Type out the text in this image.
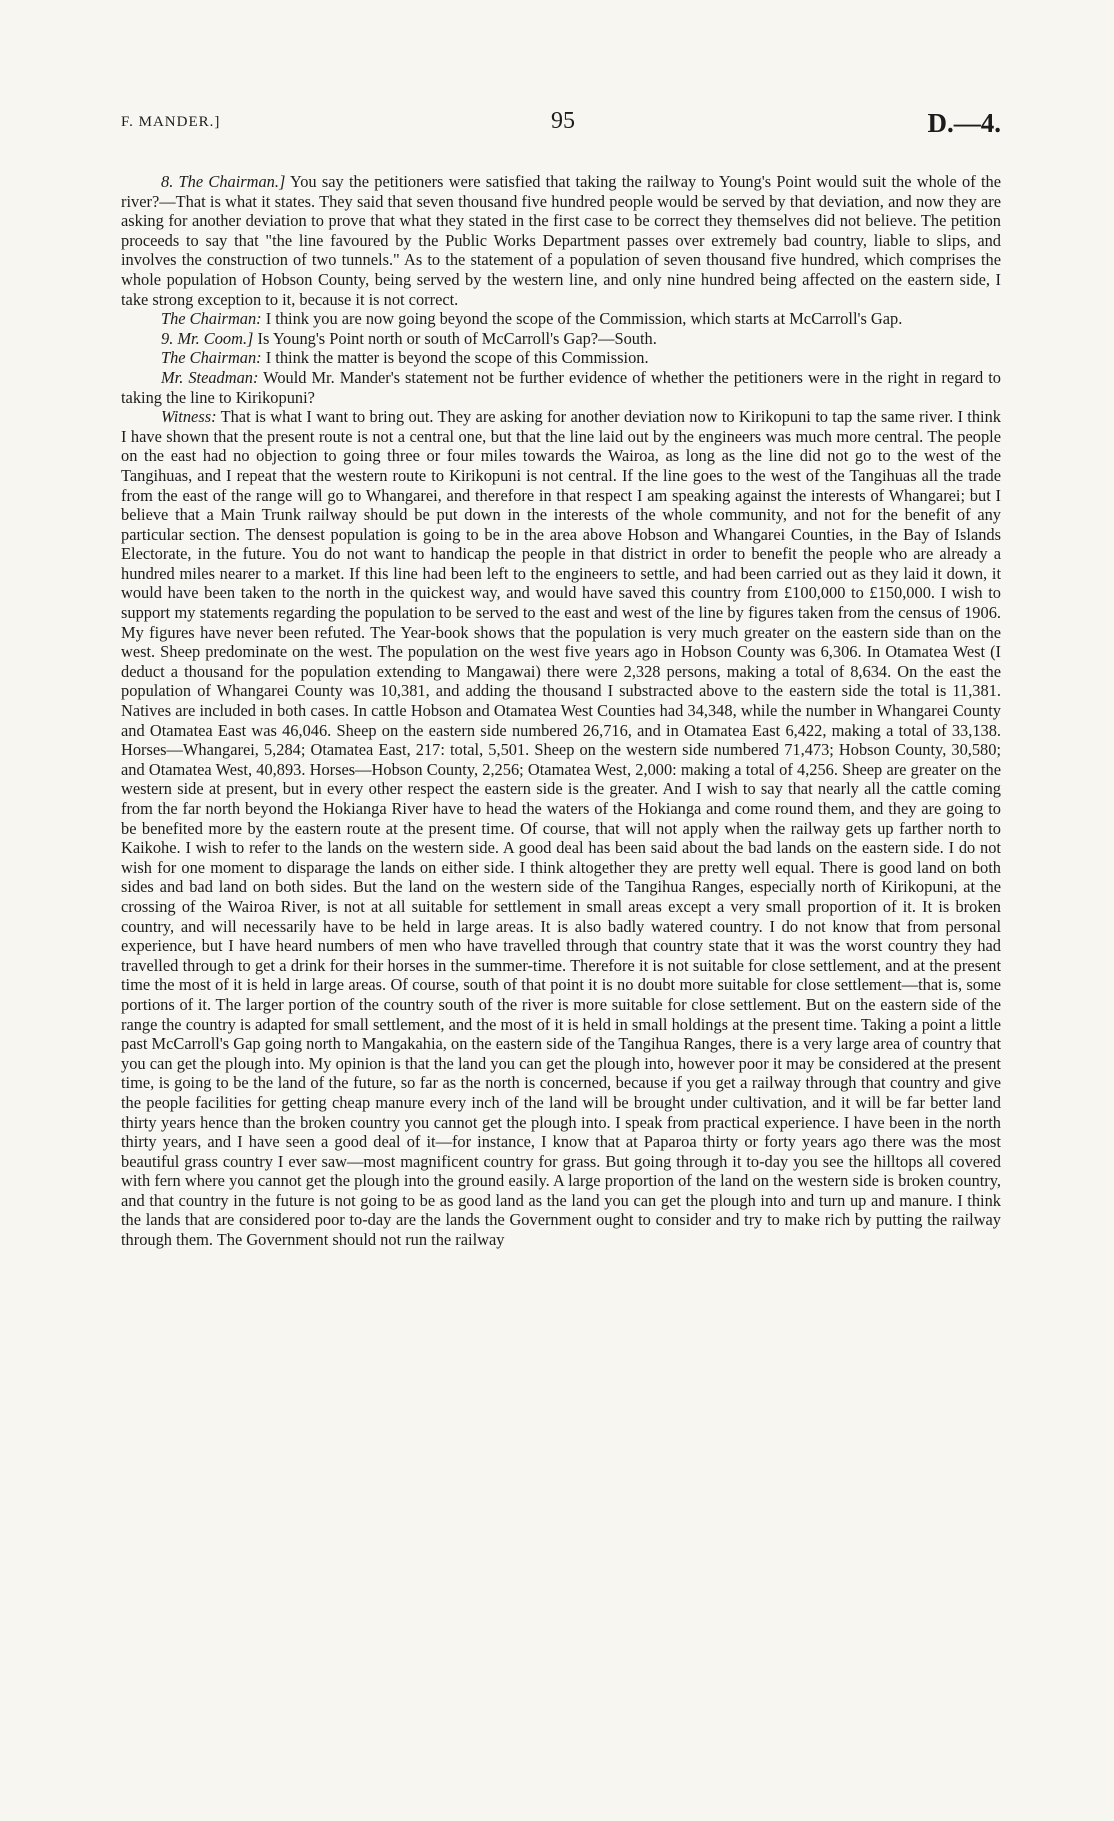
F. MANDER.]	95	D.—4.

8. The Chairman.] You say the petitioners were satisfied that taking the railway to Young's Point would suit the whole of the river?—That is what it states. They said that seven thousand five hundred people would be served by that deviation, and now they are asking for another deviation to prove that what they stated in the first case to be correct they themselves did not believe. The petition proceeds to say that "the line favoured by the Public Works Department passes over extremely bad country, liable to slips, and involves the construction of two tunnels." As to the statement of a population of seven thousand five hundred, which comprises the whole population of Hobson County, being served by the western line, and only nine hundred being affected on the eastern side, I take strong exception to it, because it is not correct.

The Chairman: I think you are now going beyond the scope of the Commission, which starts at McCarroll's Gap.

9. Mr. Coom.] Is Young's Point north or south of McCarroll's Gap?—South.

The Chairman: I think the matter is beyond the scope of this Commission.

Mr. Steadman: Would Mr. Mander's statement not be further evidence of whether the petitioners were in the right in regard to taking the line to Kirikopuni?

Witness: That is what I want to bring out. They are asking for another deviation now to Kirikopuni to tap the same river. I think I have shown that the present route is not a central one, but that the line laid out by the engineers was much more central. The people on the east had no objection to going three or four miles towards the Wairoa, as long as the line did not go to the west of the Tangihuas, and I repeat that the western route to Kirikopuni is not central. If the line goes to the west of the Tangihuas all the trade from the east of the range will go to Whangarei, and therefore in that respect I am speaking against the interests of Whangarei; but I believe that a Main Trunk railway should be put down in the interests of the whole community, and not for the benefit of any particular section. The densest population is going to be in the area above Hobson and Whangarei Counties, in the Bay of Islands Electorate, in the future. You do not want to handicap the people in that district in order to benefit the people who are already a hundred miles nearer to a market. If this line had been left to the engineers to settle, and had been carried out as they laid it down, it would have been taken to the north in the quickest way, and would have saved this country from £100,000 to £150,000. I wish to support my statements regarding the population to be served to the east and west of the line by figures taken from the census of 1906. My figures have never been refuted. The Year-book shows that the population is very much greater on the eastern side than on the west. Sheep predominate on the west. The population on the west five years ago in Hobson County was 6,306. In Otamatea West (I deduct a thousand for the population extending to Mangawai) there were 2,328 persons, making a total of 8,634. On the east the population of Whangarei County was 10,381, and adding the thousand I substracted above to the eastern side the total is 11,381. Natives are included in both cases. In cattle Hobson and Otamatea West Counties had 34,348, while the number in Whangarei County and Otamatea East was 46,046. Sheep on the eastern side numbered 26,716, and in Otamatea East 6,422, making a total of 33,138. Horses—Whangarei, 5,284; Otamatea East, 217: total, 5,501. Sheep on the western side numbered 71,473; Hobson County, 30,580; and Otamatea West, 40,893. Horses—Hobson County, 2,256; Otamatea West, 2,000: making a total of 4,256. Sheep are greater on the western side at present, but in every other respect the eastern side is the greater. And I wish to say that nearly all the cattle coming from the far north beyond the Hokianga River have to head the waters of the Hokianga and come round them, and they are going to be benefited more by the eastern route at the present time. Of course, that will not apply when the railway gets up farther north to Kaikohe. I wish to refer to the lands on the western side. A good deal has been said about the bad lands on the eastern side. I do not wish for one moment to disparage the lands on either side. I think altogether they are pretty well equal. There is good land on both sides and bad land on both sides. But the land on the western side of the Tangihua Ranges, especially north of Kirikopuni, at the crossing of the Wairoa River, is not at all suitable for settlement in small areas except a very small proportion of it. It is broken country, and will necessarily have to be held in large areas. It is also badly watered country. I do not know that from personal experience, but I have heard numbers of men who have travelled through that country state that it was the worst country they had travelled through to get a drink for their horses in the summer-time. Therefore it is not suitable for close settlement, and at the present time the most of it is held in large areas. Of course, south of that point it is no doubt more suitable for close settlement—that is, some portions of it. The larger portion of the country south of the river is more suitable for close settlement. But on the eastern side of the range the country is adapted for small settlement, and the most of it is held in small holdings at the present time. Taking a point a little past McCarroll's Gap going north to Mangakahia, on the eastern side of the Tangihua Ranges, there is a very large area of country that you can get the plough into. My opinion is that the land you can get the plough into, however poor it may be considered at the present time, is going to be the land of the future, so far as the north is concerned, because if you get a railway through that country and give the people facilities for getting cheap manure every inch of the land will be brought under cultivation, and it will be far better land thirty years hence than the broken country you cannot get the plough into. I speak from practical experience. I have been in the north thirty years, and I have seen a good deal of it—for instance, I know that at Paparoa thirty or forty years ago there was the most beautiful grass country I ever saw—most magnificent country for grass. But going through it to-day you see the hilltops all covered with fern where you cannot get the plough into the ground easily. A large proportion of the land on the western side is broken country, and that country in the future is not going to be as good land as the land you can get the plough into and turn up and manure. I think the lands that are considered poor to-day are the lands the Government ought to consider and try to make rich by putting the railway through them. The Government should not run the railway
